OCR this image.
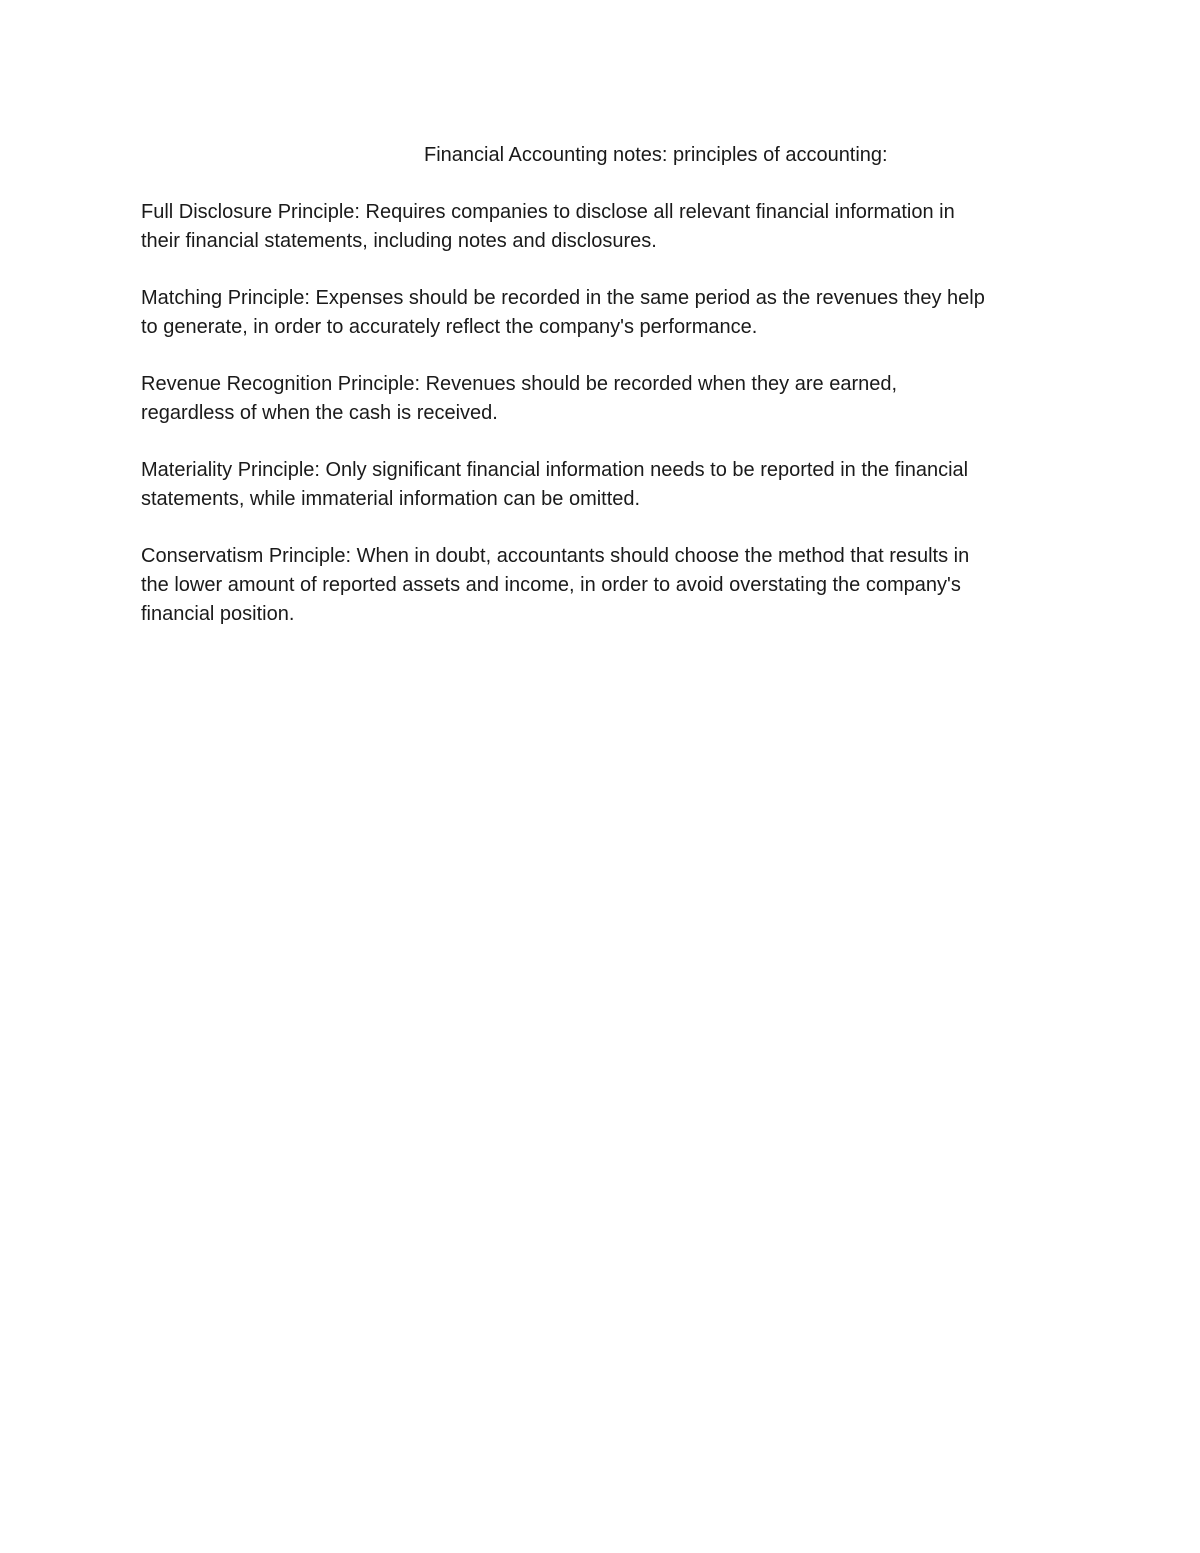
Financial Accounting notes: principles of accounting:

Full Disclosure Principle: Requires companies to disclose all relevant financial information in
their financial statements, including notes and disclosures.

Matching Principle: Expenses should be recorded in the same period as the revenues they help
to generate, in order to accurately reflect the company's performance.

Revenue Recognition Principle: Revenues should be recorded when they are earned,
regardless of when the cash is received.

Materiality Principle: Only significant financial information needs to be reported in the financial
statements, while immaterial information can be omitted.

Conservatism Principle: When in doubt, accountants should choose the method that results in
the lower amount of reported assets and income, in order to avoid overstating the company's
financial position.
